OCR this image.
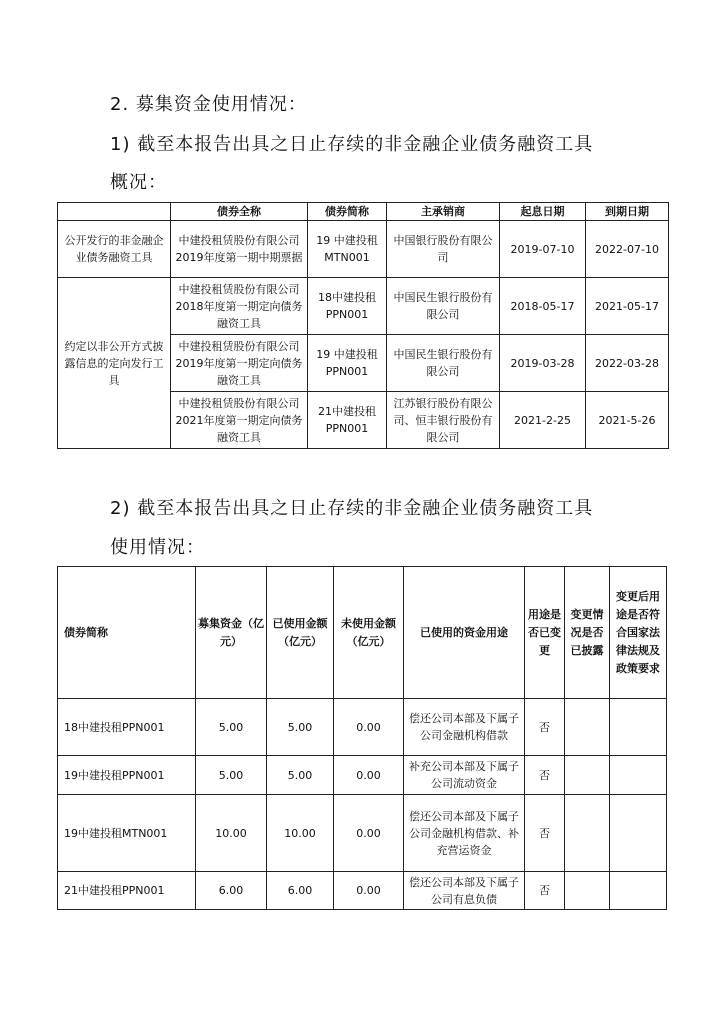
2. 募集资金使用情况：
1) 截至本报告出具之日止存续的非金融企业债务融资工具
概况：
	债券全称	债券简称	主承销商	起息日期	到期日期
公开发行的非金融企业债务融资工具	中建投租赁股份有限公司2019年度第一期中期票据	19 中建投租MTN001	中国银行股份有限公司	2019-07-10	2022-07-10
约定以非公开方式披露信息的定向发行工具	中建投租赁股份有限公司2018年度第一期定向债务融资工具	18中建投租PPN001	中国民生银行股份有限公司	2018-05-17	2021-05-17
	中建投租赁股份有限公司2019年度第一期定向债务融资工具	19 中建投租PPN001	中国民生银行股份有限公司	2019-03-28	2022-03-28
	中建投租赁股份有限公司2021年度第一期定向债务融资工具	21中建投租PPN001	江苏银行股份有限公司、恒丰银行股份有限公司	2021-2-25	2021-5-26
2) 截至本报告出具之日止存续的非金融企业债务融资工具
使用情况：
债券简称	募集资金（亿元）	已使用金额（亿元）	未使用金额（亿元）	已使用的资金用途	用途是否已变更	变更情况是否已披露	变更后用途是否符合国家法律法规及政策要求
18中建投租PPN001	5.00	5.00	0.00	偿还公司本部及下属子公司金融机构借款	否		
19中建投租PPN001	5.00	5.00	0.00	补充公司本部及下属子公司流动资金	否		
19中建投租MTN001	10.00	10.00	0.00	偿还公司本部及下属子公司金融机构借款、补充营运资金	否		
21中建投租PPN001	6.00	6.00	0.00	偿还公司本部及下属子公司有息负债	否		
